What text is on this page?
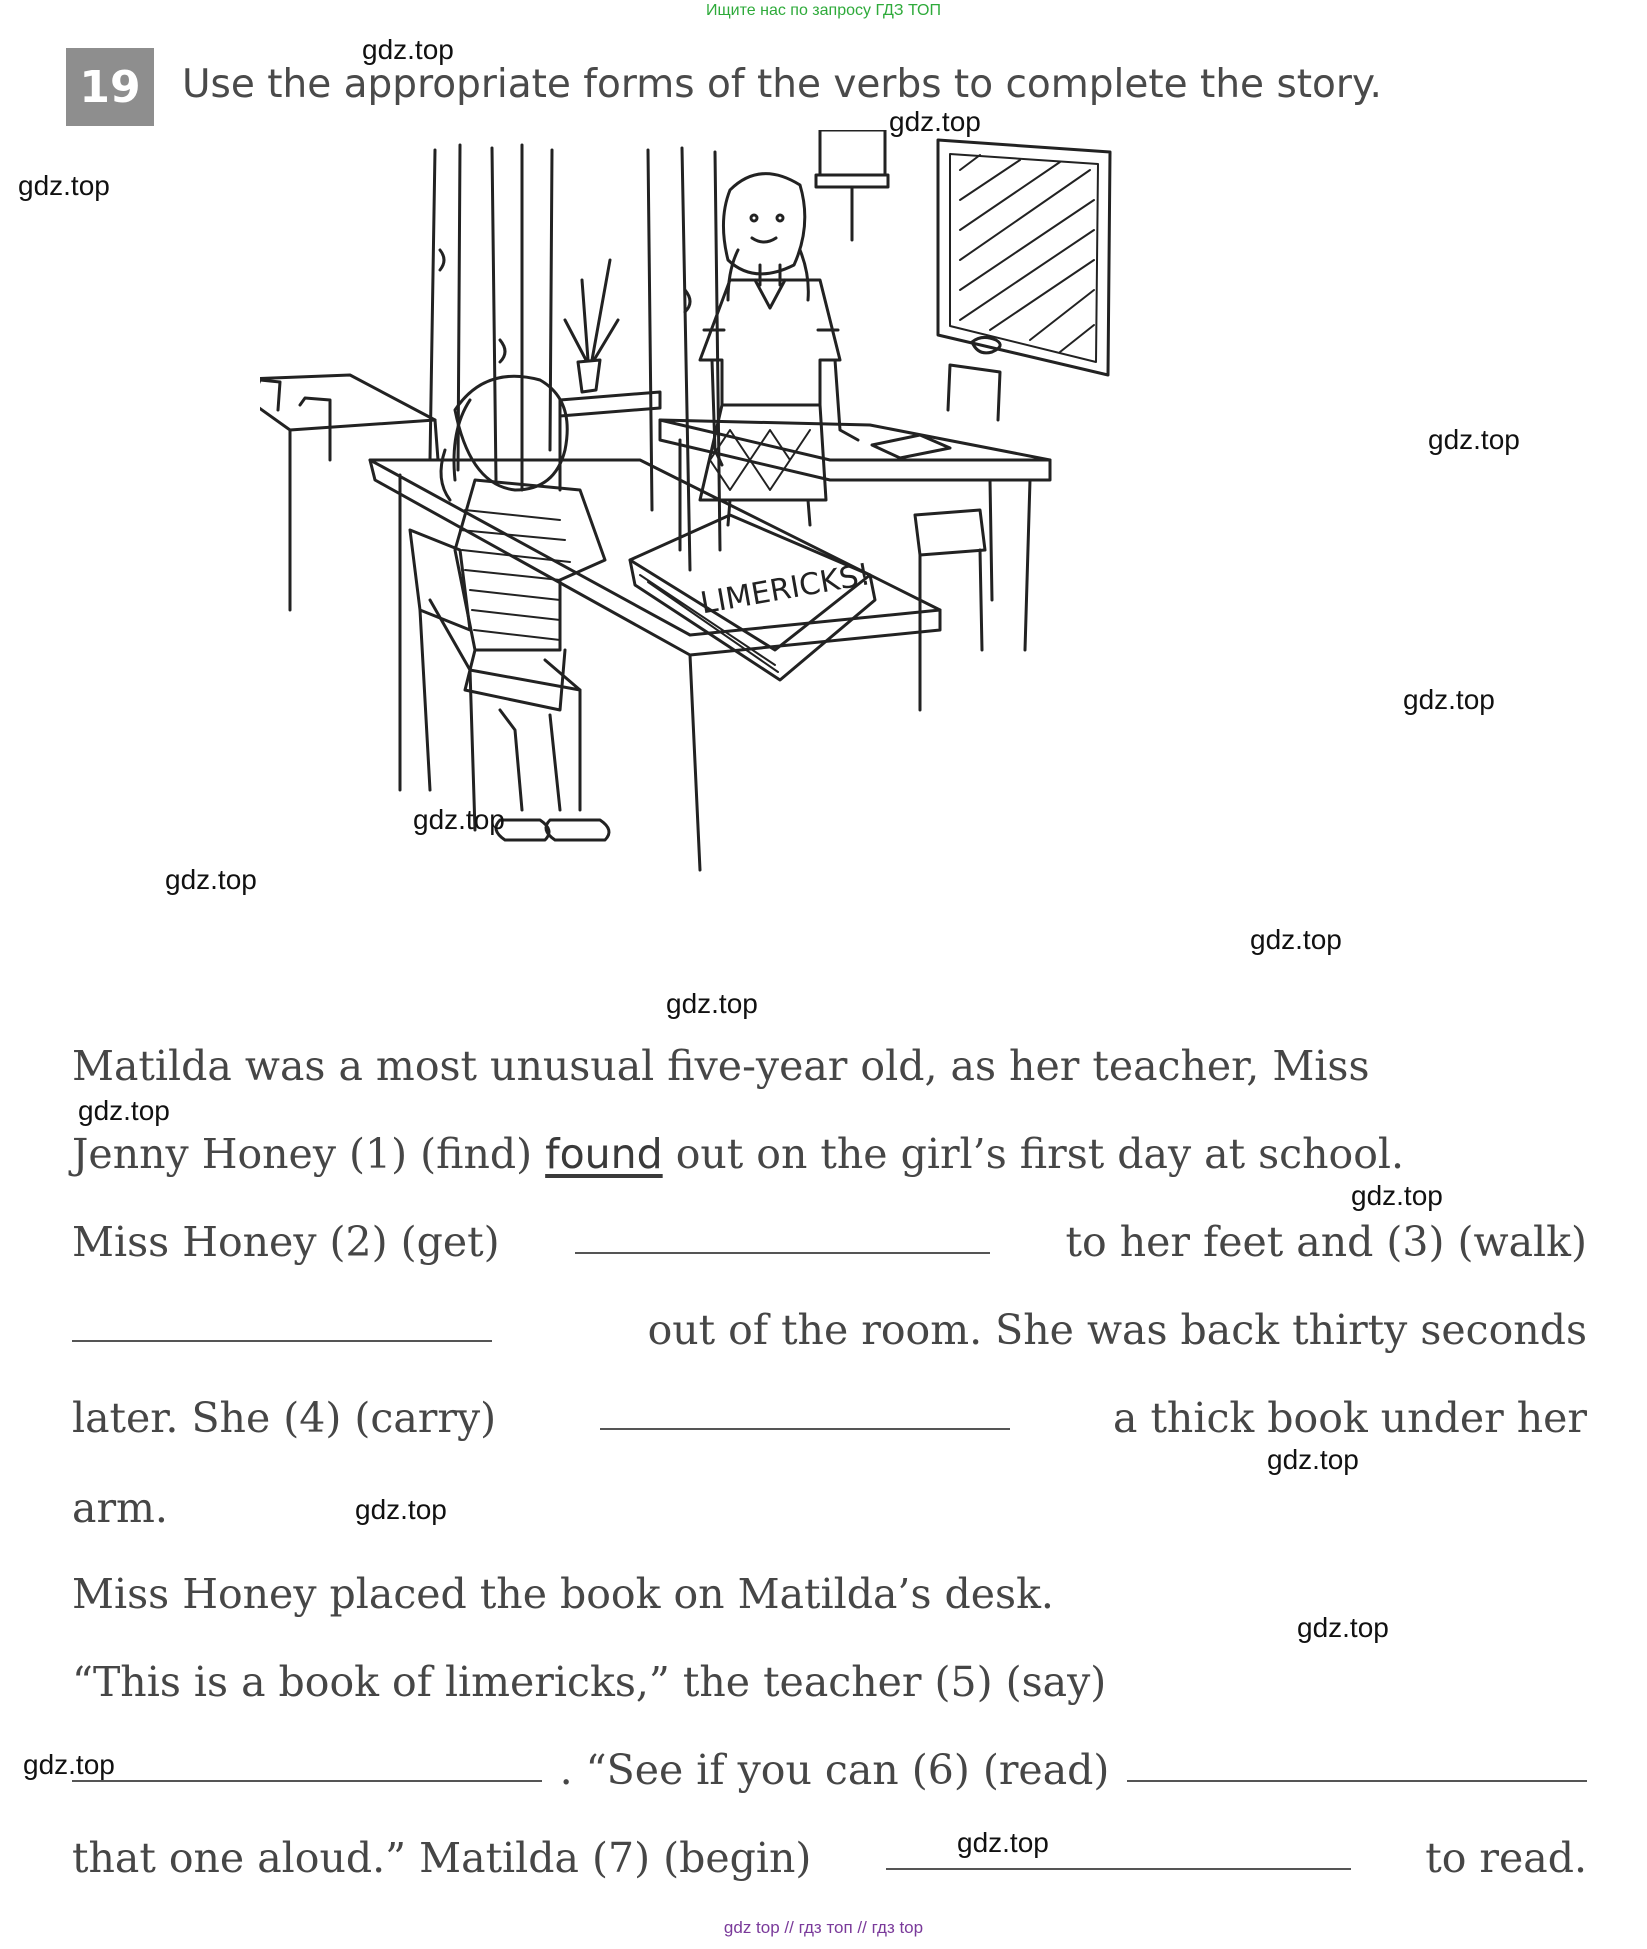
Ищите нас по запросу ГДЗ ТОП
19	Use the appropriate forms of the verbs to complete the story.
LIMERICKS!
gdz.top
gdz.top
gdz.top
gdz.top
gdz.top
gdz.top
gdz.top
gdz.top
gdz.top
gdz.top
gdz.top
gdz.top
gdz.top
gdz.top
gdz.top
gdz.top
Matilda was a most unusual five-year old, as her teacher, Miss
Jenny Honey (1) (find) found out on the girl’s first day at school.
Miss Honey (2) (get)	to her feet and (3) (walk)
out of the room. She was back thirty seconds
later. She (4) (carry)	a thick book under her
arm.
Miss Honey placed the book on Matilda’s desk.
“This is a book of limericks,” the teacher (5) (say)
. “See if you can (6) (read)
that one aloud.” Matilda (7) (begin)	to read.
gdz top // гдз топ // гдз top
